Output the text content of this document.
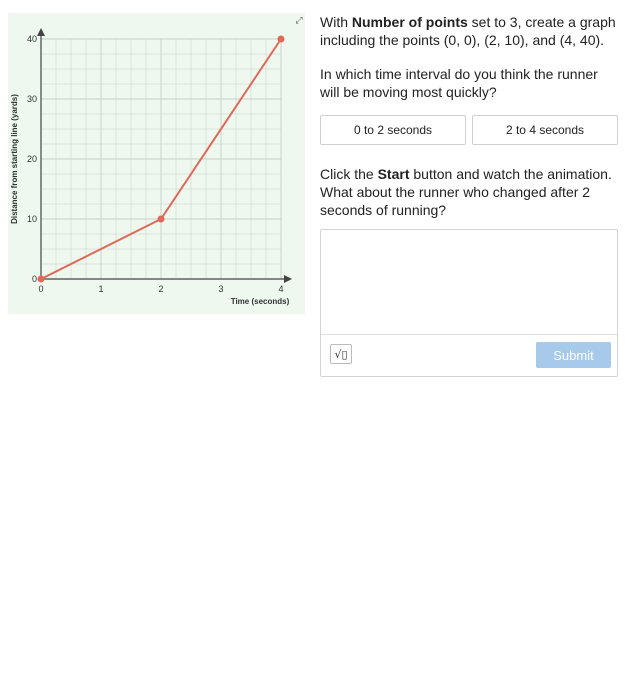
0	1	2	3	4
0
10
20
30
40
Time (seconds)
Distance from starting line (yards)
⤢	With Number of points set to 3, create a graph including the points (0, 0), (2, 10), and (4, 40).

In which time interval do you think the runner will be moving most quickly?

0 to 2 seconds	2 to 4 seconds

Click the Start button and watch the animation. What about the runner who changed after 2 seconds of running?

√▯	Submit
